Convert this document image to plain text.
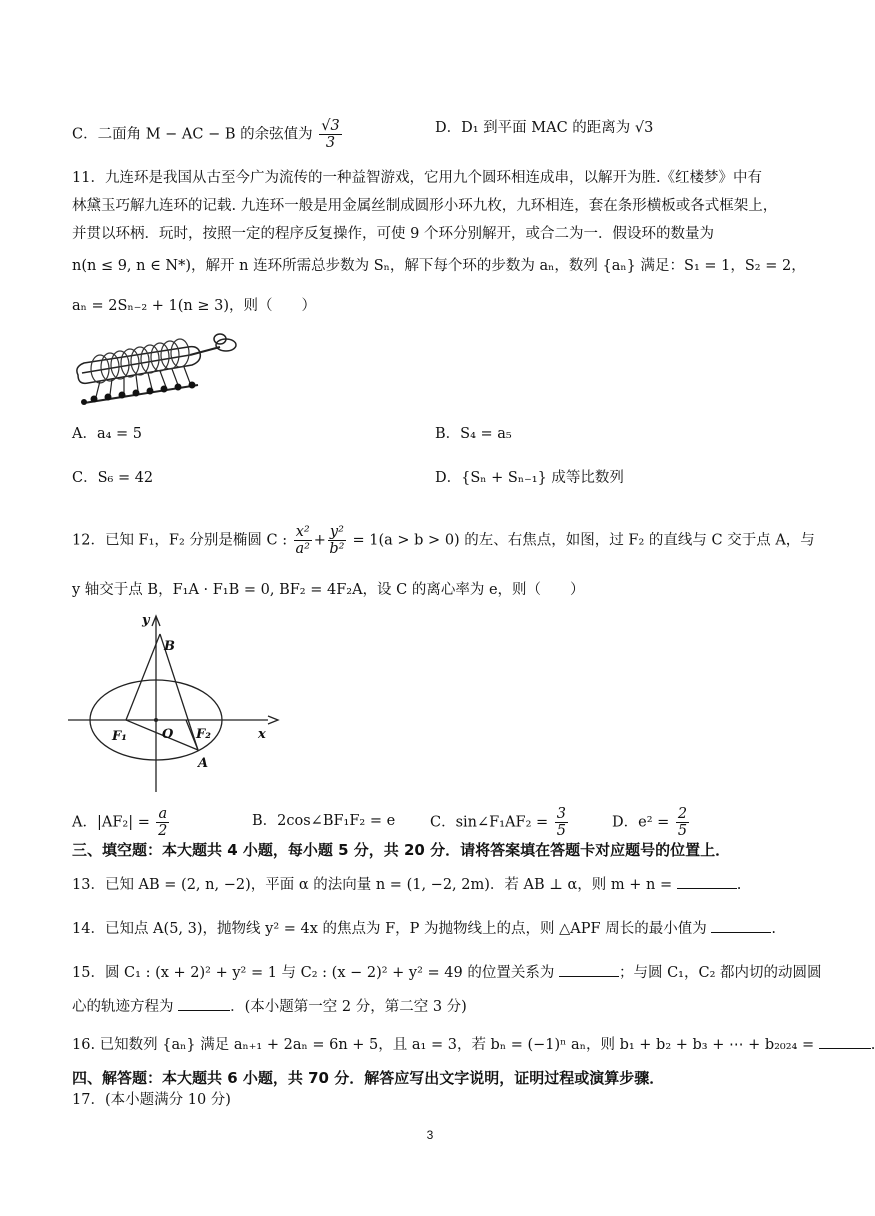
C．二面角 M − AC − B 的余弦值为 $\frac{√3}{3}$	D．D₁ 到平面 MAC 的距离为 √3
11．九连环是我国从古至今广为流传的一种益智游戏，它用九个圆环相连成串，以解开为胜.《红楼梦》中有
林黛玉巧解九连环的记载. 九连环一般是用金属丝制成圆形小环九枚，九环相连，套在条形横板或各式框架上，
并贯以环柄．玩时，按照一定的程序反复操作，可使 9 个环分别解开，或合二为一．假设环的数量为
n(n ≤ 9, n ∈ N*)，解开 n 连环所需总步数为 Sₙ，解下每个环的步数为 aₙ，数列 {aₙ} 满足：S₁ = 1，S₂ = 2，
aₙ = 2Sₙ₋₂ + 1(n ≥ 3)，则（　　）
A．a₄ = 5	B．S₄ = a₅
C．S₆ = 42	D．{Sₙ + Sₙ₋₁} 成等比数列
12．已知 F₁，F₂ 分别是椭圆 C : $\frac{\text{x²}}{\text{a²}} + \frac{\text{y²}}{\text{b²}} = 1(a > b > 0)$ 的左、右焦点，如图，过 F₂ 的直线与 C 交于点 A，与
y 轴交于点 B，F₁A · F₁B = 0, BF₂ = 4F₂A，设 C 的离心率为 e，则（　　）
y
x
B
O
F₁	F₂
A
A．$|AF_2| = \frac{a}{2}$	B．2cos∠BF₁F₂ = e C．sin∠F₁AF₂ = $\frac{3}{5}$	D．$e^2 = \frac{2}{5}$
三、填空题：本大题共 4 小题，每小题 5 分，共 20 分．请将答案填在答题卡对应题号的位置上．
13．已知 AB = (2, n, −2)，平面 α 的法向量 n = (1, −2, 2m)．若 AB ⊥ α，则 m + n =	.
14．已知点 A(5, 3)，抛物线 y² = 4x 的焦点为 F，P 为抛物线上的点，则 △APF 周长的最小值为	.
15．圆 C₁ : (x + 2)² + y² = 1 与 C₂ : (x − 2)² + y² = 49 的位置关系为	；与圆 C₁，C₂ 都内切的动圆圆
心的轨迹方程为	．(本小题第一空 2 分，第二空 3 分)
16. 已知数列 {aₙ} 满足 aₙ₊₁ + 2aₙ = 6n + 5，且 a₁ = 3，若 bₙ = (−1)ⁿ aₙ，则 b₁ + b₂ + b₃ + ⋯ + b₂₀₂₄ =	.
四、解答题：本大题共 6 小题，共 70 分．解答应写出文字说明，证明过程或演算步骤．
17．(本小题满分 10 分)
3
